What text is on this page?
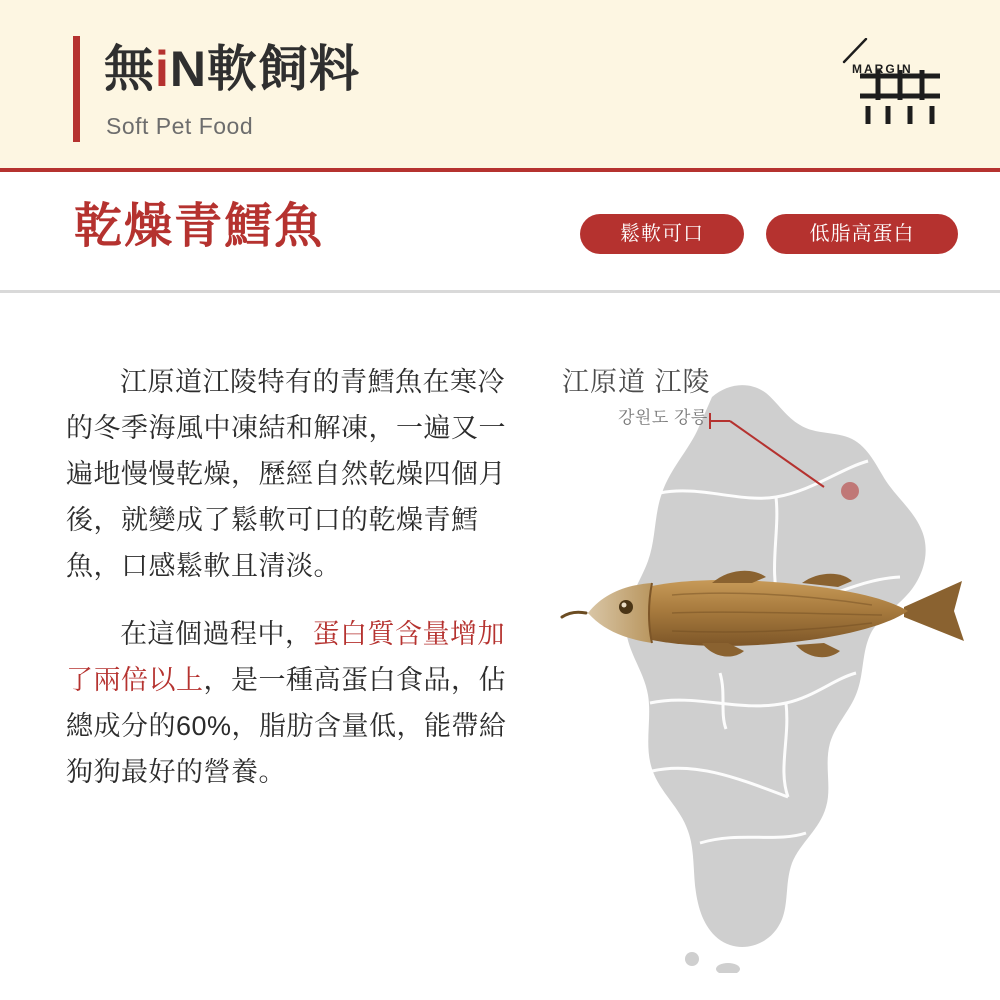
無iN軟飼料
Soft Pet Food
MARGIN
乾燥青鱈魚	鬆軟可口	低脂高蛋白

江原道江陵特有的青鱈魚在寒冷的冬季海風中凍結和解凍，一遍又一遍地慢慢乾燥，歷經自然乾燥四個月後，就變成了鬆軟可口的乾燥青鱈魚，口感鬆軟且清淡。

在這個過程中，蛋白質含量增加了兩倍以上，是一種高蛋白食品，佔總成分的60%，脂肪含量低，能帶給狗狗最好的營養。

江原道 江陵
강원도 강릉
